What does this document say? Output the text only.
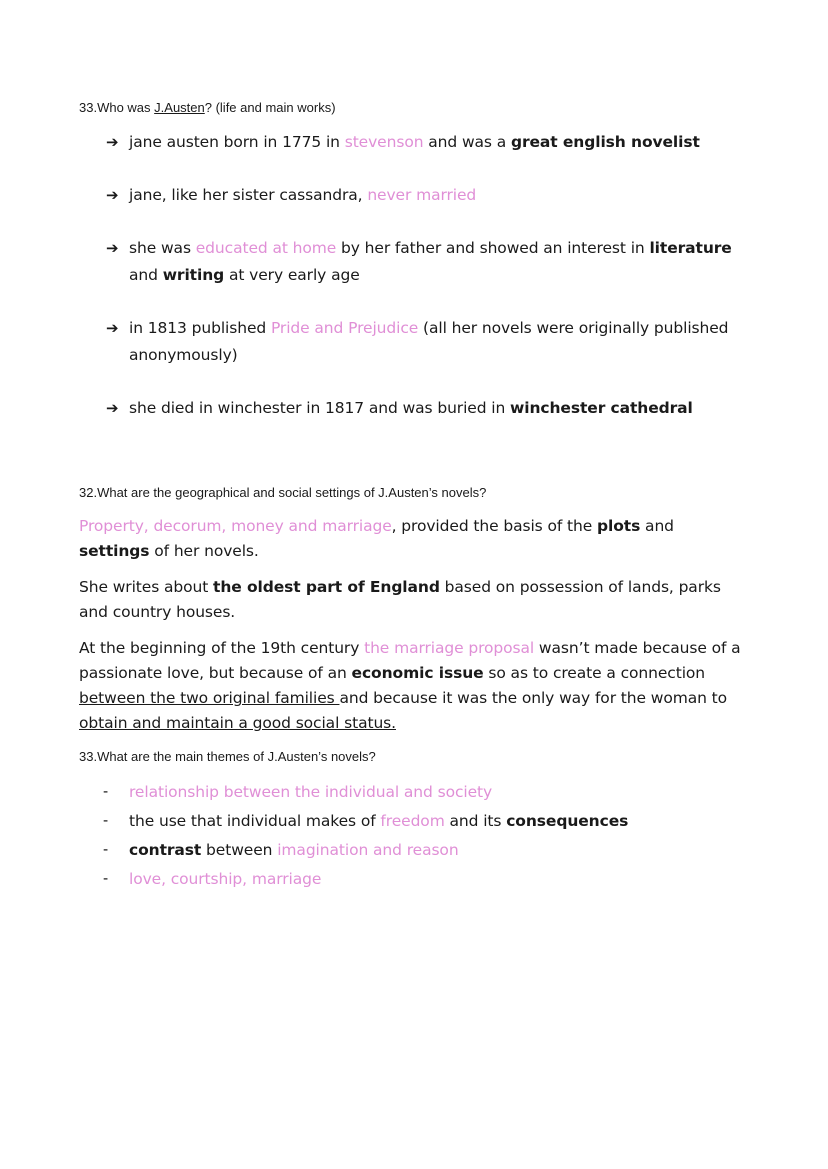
33.Who was J.Austen? (life and main works)
➔ jane austen born in 1775 in stevenson and was a great english novelist
➔ jane, like her sister cassandra, never married
➔ she was educated at home by her father and showed an interest in literature
and writing at very early age
➔ in 1813 published Pride and Prejudice (all her novels were originally published anonymously)
➔ she died in winchester in 1817 and was buried in winchester cathedral
32.What are the geographical and social settings of J.Austen’s novels?
Property, decorum, money and marriage, provided the basis of the plots and settings of her novels.
She writes about the oldest part of England based on possession of lands, parks and country houses.
At the beginning of the 19th century the marriage proposal wasn’t made because of a passionate love, but because of an economic issue so as to create a connection between the two original families and because it was the only way for the woman to obtain and maintain a good social status.
33.What are the main themes of J.Austen’s novels?
- relationship between the individual and society
- the use that individual makes of freedom and its consequences
- contrast between imagination and reason
- love, courtship, marriage
